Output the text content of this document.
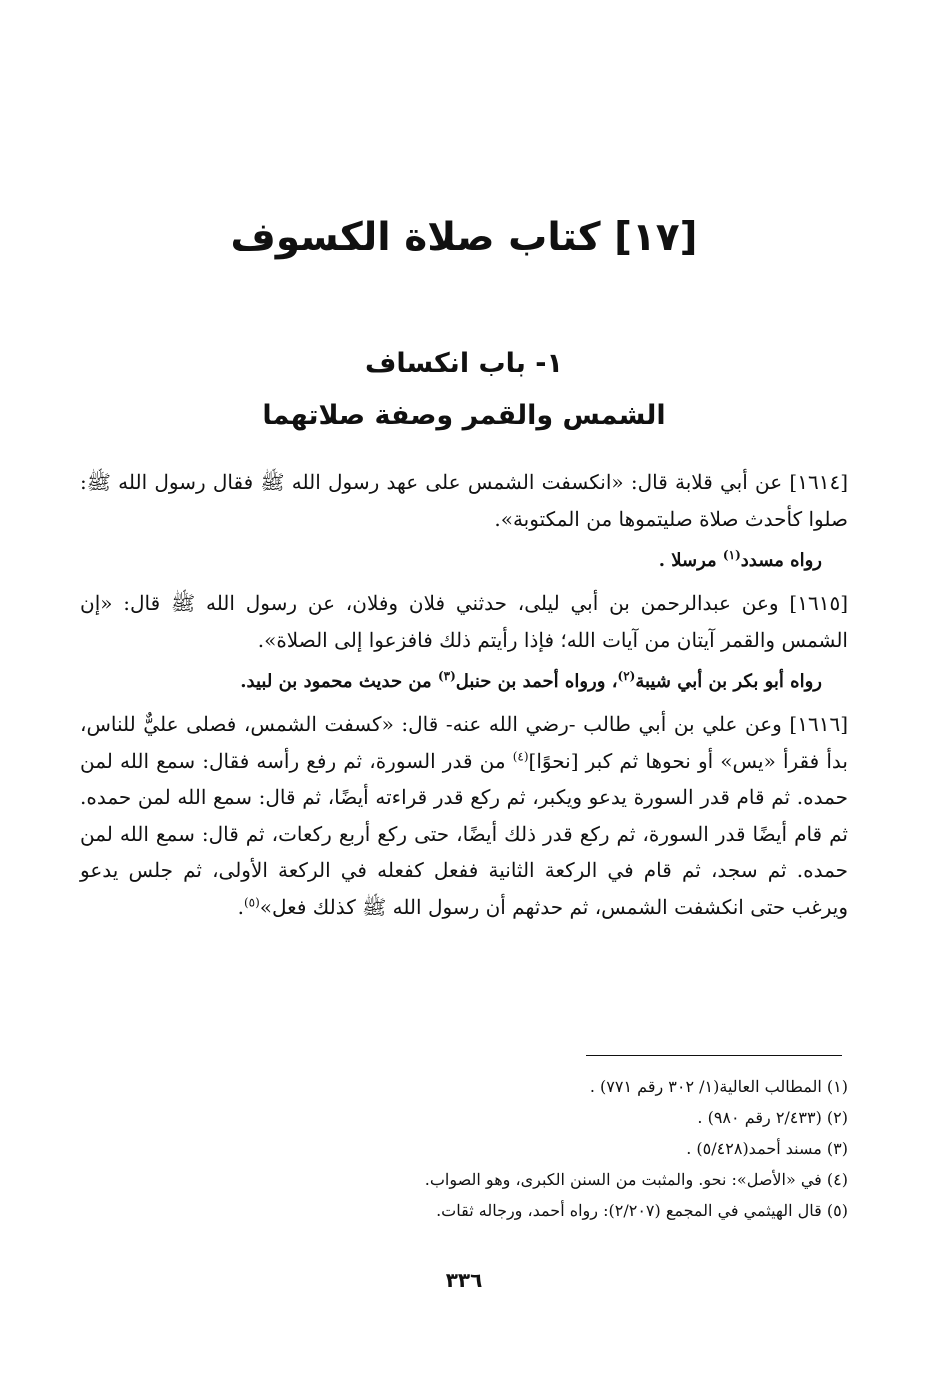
[١٧] كتاب صلاة الكسوف
١- باب انكساف
الشمس والقمر وصفة صلاتهما

[١٦١٤] عن أبي قلابة قال: «انكسفت الشمس على عهد رسول الله ﷺ فقال رسول الله ﷺ: صلوا كأحدث صلاة صليتموها من المكتوبة».

رواه مسدد$^{(١)}$ مرسلا .

[١٦١٥] وعن عبدالرحمن بن أبي ليلى، حدثني فلان وفلان، عن رسول الله ﷺ قال: «إن الشمس والقمر آيتان من آيات الله؛ فإذا رأيتم ذلك فافزعوا إلى الصلاة».

رواه أبو بكر بن أبي شيبة$^{(٢)}$، ورواه أحمد بن حنبل$^{(٣)}$ من حديث محمود بن لبيد.

[١٦١٦] وعن علي بن أبي طالب -رضي الله عنه- قال: «كسفت الشمس، فصلى عليٌّ للناس، بدأ فقرأ «يس» أو نحوها ثم كبر [نحوًا]$^{(٤)}$ من قدر السورة، ثم رفع رأسه فقال: سمع الله لمن حمده. ثم قام قدر السورة يدعو ويكبر، ثم ركع قدر قراءته أيضًا، ثم قال: سمع الله لمن حمده. ثم قام أيضًا قدر السورة، ثم ركع قدر ذلك أيضًا، حتى ركع أربع ركعات، ثم قال: سمع الله لمن حمده. ثم سجد، ثم قام في الركعة الثانية ففعل كفعله في الركعة الأولى، ثم جلس يدعو ويرغب حتى انكشفت الشمس، ثم حدثهم أن رسول الله ﷺ كذلك فعل»$^{(٥)}$.

(١) المطالب العالية(١/ ٣٠٢ رقم ٧٧١) .
(٢) (٢/٤٣٣ رقم ٩٨٠) .
(٣) مسند أحمد(٥/٤٢٨) .
(٤) في «الأصل»: نحو. والمثبت من السنن الكبرى، وهو الصواب.
(٥) قال الهيثمي في المجمع (٢/٢٠٧): رواه أحمد، ورجاله ثقات.

٣٣٦
